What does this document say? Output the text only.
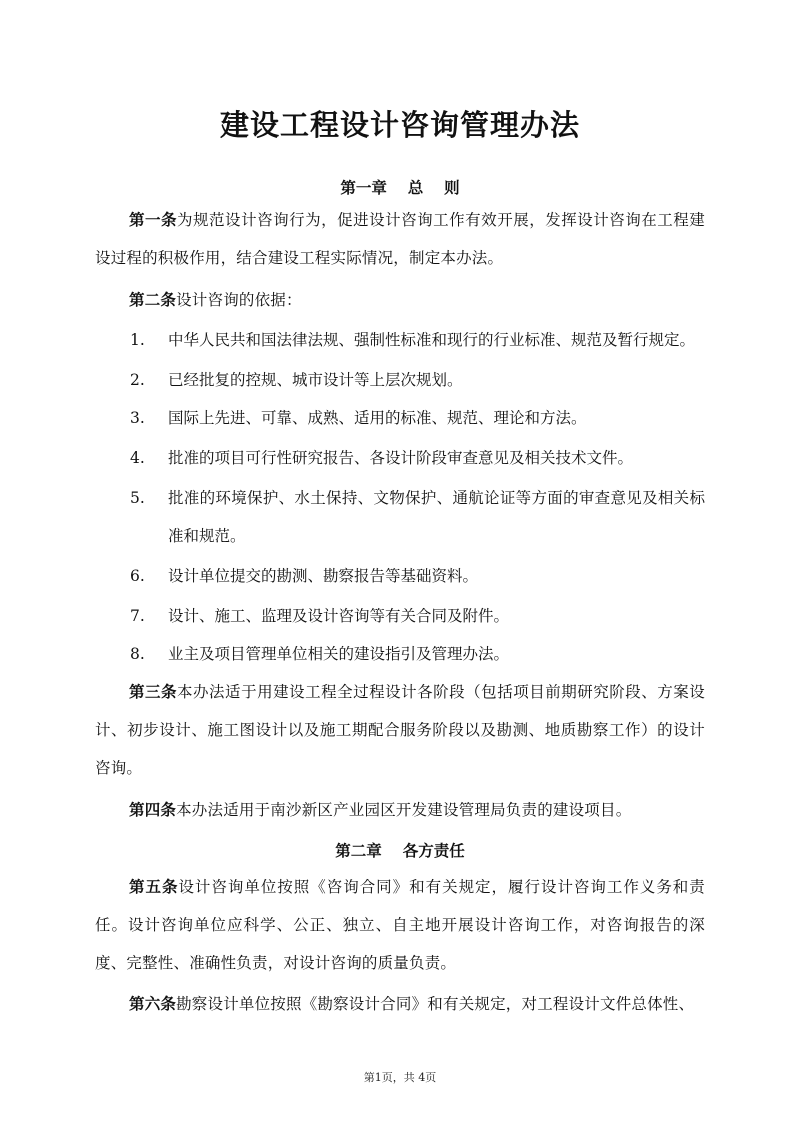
建设工程设计咨询管理办法

第一章　 总　 则

第一条为规范设计咨询行为，促进设计咨询工作有效开展，发挥设计咨询在工程建设过程的积极作用，结合建设工程实际情况，制定本办法。

第二条设计咨询的依据：

1.	中华人民共和国法律法规、强制性标准和现行的行业标准、规范及暂行规定。
2.	已经批复的控规、城市设计等上层次规划。
3.	国际上先进、可靠、成熟、适用的标准、规范、理论和方法。
4.	批准的项目可行性研究报告、各设计阶段审查意见及相关技术文件。
5.	批准的环境保护、水土保持、文物保护、通航论证等方面的审查意见及相关标准和规范。
6.	设计单位提交的勘测、勘察报告等基础资料。
7.	设计、施工、监理及设计咨询等有关合同及附件。
8.	业主及项目管理单位相关的建设指引及管理办法。

第三条本办法适于用建设工程全过程设计各阶段（包括项目前期研究阶段、方案设计、初步设计、施工图设计以及施工期配合服务阶段以及勘测、地质勘察工作）的设计咨询。

第四条本办法适用于南沙新区产业园区开发建设管理局负责的建设项目。

第二章　 各方责任

第五条设计咨询单位按照《咨询合同》和有关规定，履行设计咨询工作义务和责任。设计咨询单位应科学、公正、独立、自主地开展设计咨询工作，对咨询报告的深度、完整性、准确性负责，对设计咨询的质量负责。

第六条勘察设计单位按照《勘察设计合同》和有关规定，对工程设计文件总体性、

第1页，共 4页
